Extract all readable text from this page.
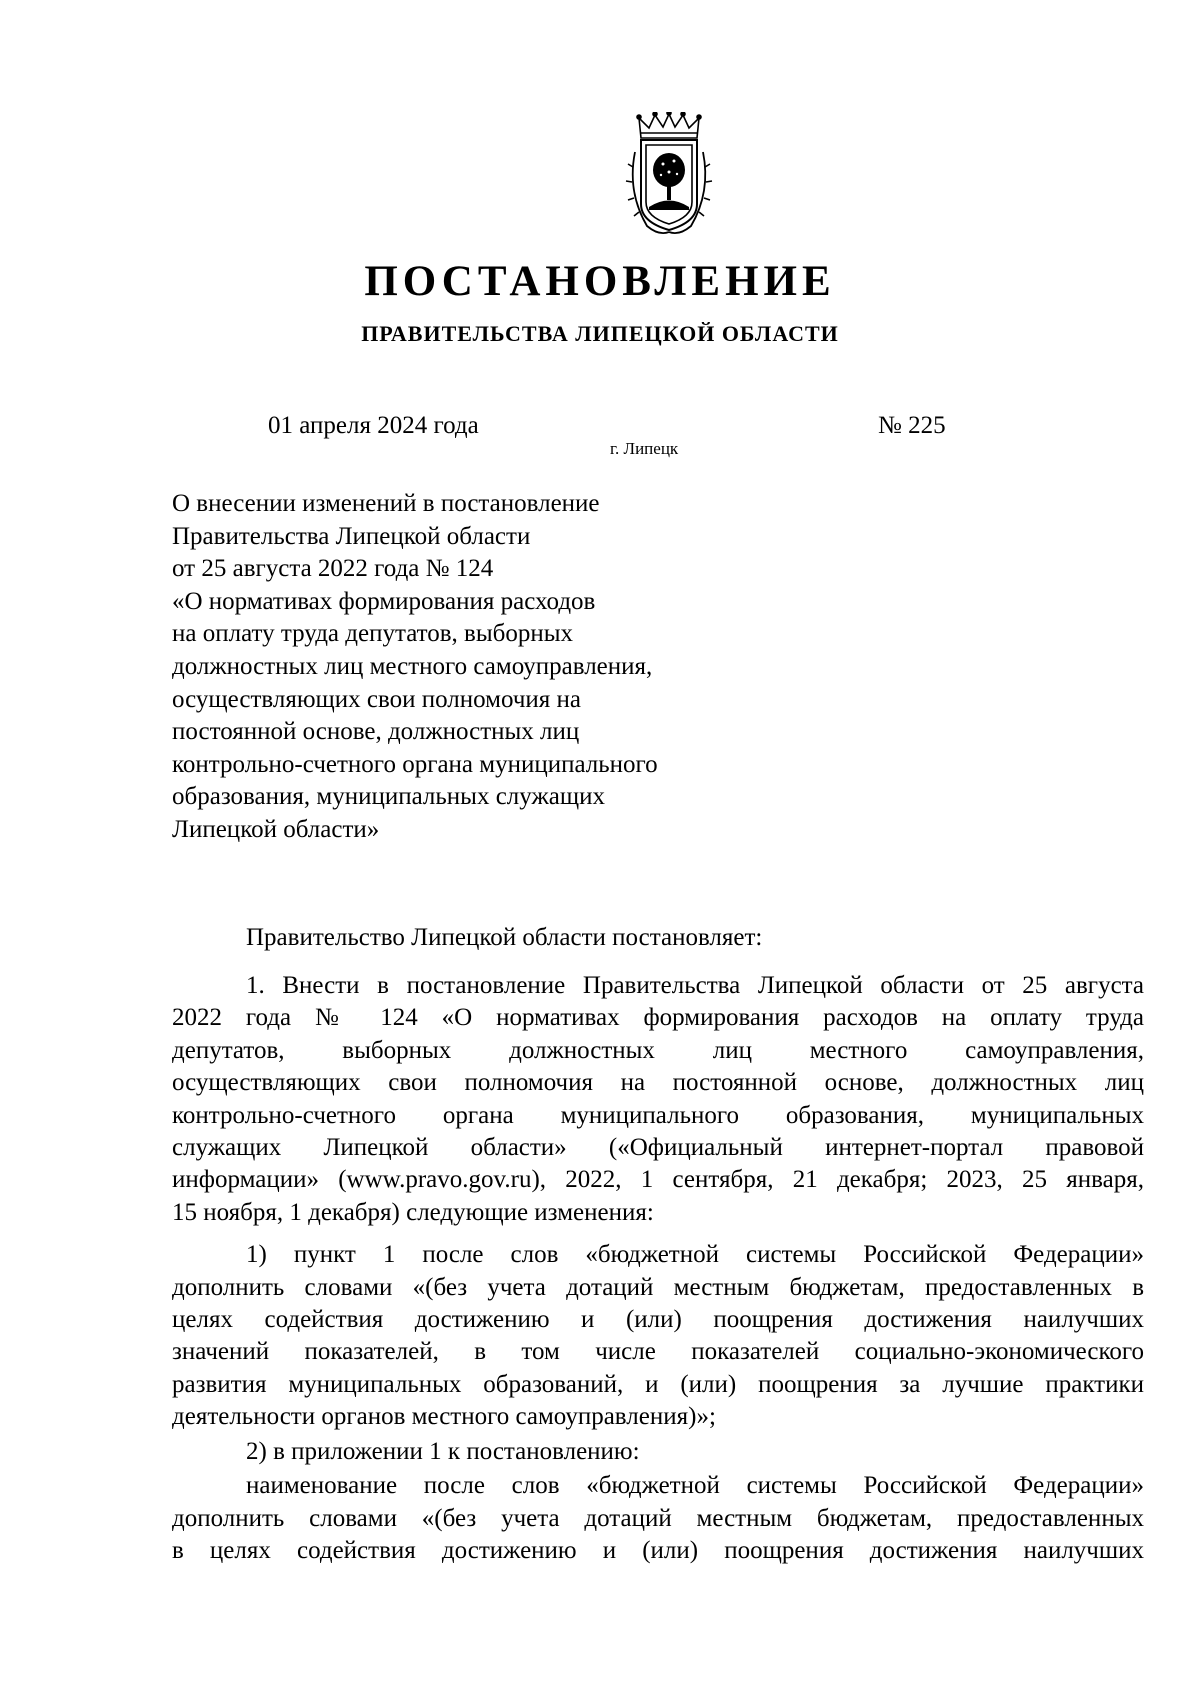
ПОСТАНОВЛЕНИЕ
ПРАВИТЕЛЬСТВА ЛИПЕЦКОЙ ОБЛАСТИ
01 апреля 2024 года
г. Липецк
№ 225
О внесении изменений в постановление
Правительства Липецкой области
от 25 августа 2022 года № 124
«О нормативах формирования расходов
на оплату труда депутатов, выборных
должностных лиц местного самоуправления,
осуществляющих свои полномочия на
постоянной основе, должностных лиц
контрольно-счетного органа муниципального
образования, муниципальных служащих
Липецкой области»
Правительство Липецкой области постановляет:
1. Внести в постановление Правительства Липецкой области от 25 августа
2022 года № 124 «О нормативах формирования расходов на оплату труда
депутатов, выборных должностных лиц местного самоуправления,
осуществляющих свои полномочия на постоянной основе, должностных лиц
контрольно-счетного органа муниципального образования, муниципальных
служащих Липецкой области» («Официальный интернет-портал правовой
информации» (www.pravo.gov.ru), 2022, 1 сентября, 21 декабря; 2023, 25 января,
15 ноября, 1 декабря) следующие изменения:
1) пункт 1 после слов «бюджетной системы Российской Федерации»
дополнить словами «(без учета дотаций местным бюджетам, предоставленных в
целях содействия достижению и (или) поощрения достижения наилучших
значений показателей, в том числе показателей социально-экономического
развития муниципальных образований, и (или) поощрения за лучшие практики
деятельности органов местного самоуправления)»;
2) в приложении 1 к постановлению:
наименование после слов «бюджетной системы Российской Федерации»
дополнить словами «(без учета дотаций местным бюджетам, предоставленных
в целях содействия достижению и (или) поощрения достижения наилучших
